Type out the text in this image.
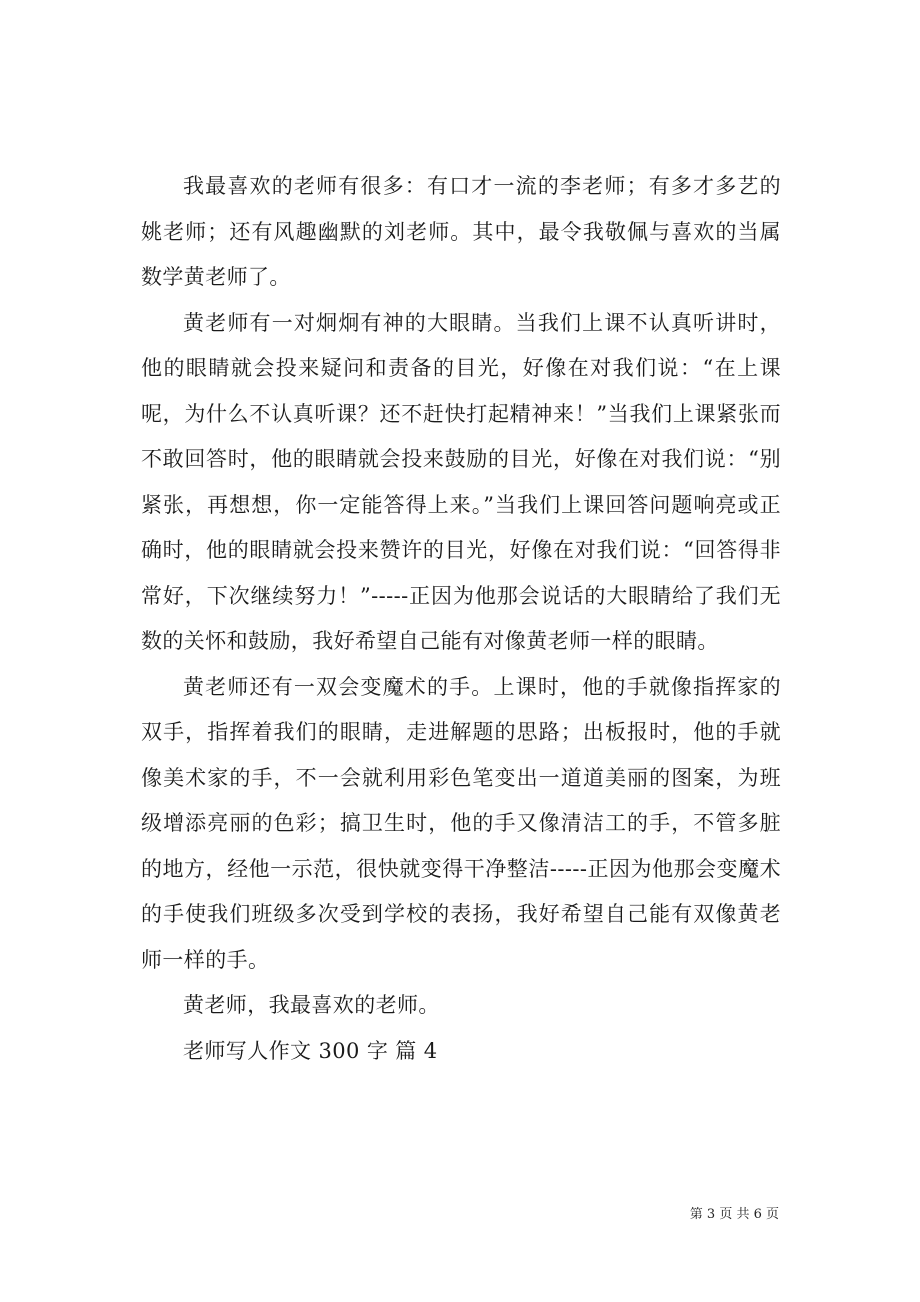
我最喜欢的老师有很多：有口才一流的李老师；有多才多艺的姚老师；还有风趣幽默的刘老师。其中，最令我敬佩与喜欢的当属数学黄老师了。

黄老师有一对炯炯有神的大眼睛。当我们上课不认真听讲时，他的眼睛就会投来疑问和责备的目光，好像在对我们说：“在上课呢，为什么不认真听课？还不赶快打起精神来！”当我们上课紧张而不敢回答时，他的眼睛就会投来鼓励的目光，好像在对我们说：“别紧张，再想想，你一定能答得上来。”当我们上课回答问题响亮或正确时，他的眼睛就会投来赞许的目光，好像在对我们说：“回答得非常好，下次继续努力！”-----正因为他那会说话的大眼睛给了我们无数的关怀和鼓励，我好希望自己能有对像黄老师一样的眼睛。

黄老师还有一双会变魔术的手。上课时，他的手就像指挥家的双手，指挥着我们的眼睛，走进解题的思路；出板报时，他的手就像美术家的手，不一会就利用彩色笔变出一道道美丽的图案，为班级增添亮丽的色彩；搞卫生时，他的手又像清洁工的手，不管多脏的地方，经他一示范，很快就变得干净整洁-----正因为他那会变魔术的手使我们班级多次受到学校的表扬，我好希望自己能有双像黄老师一样的手。

黄老师，我最喜欢的老师。

老师写人作文 300 字 篇 4

第 3 页 共 6 页
